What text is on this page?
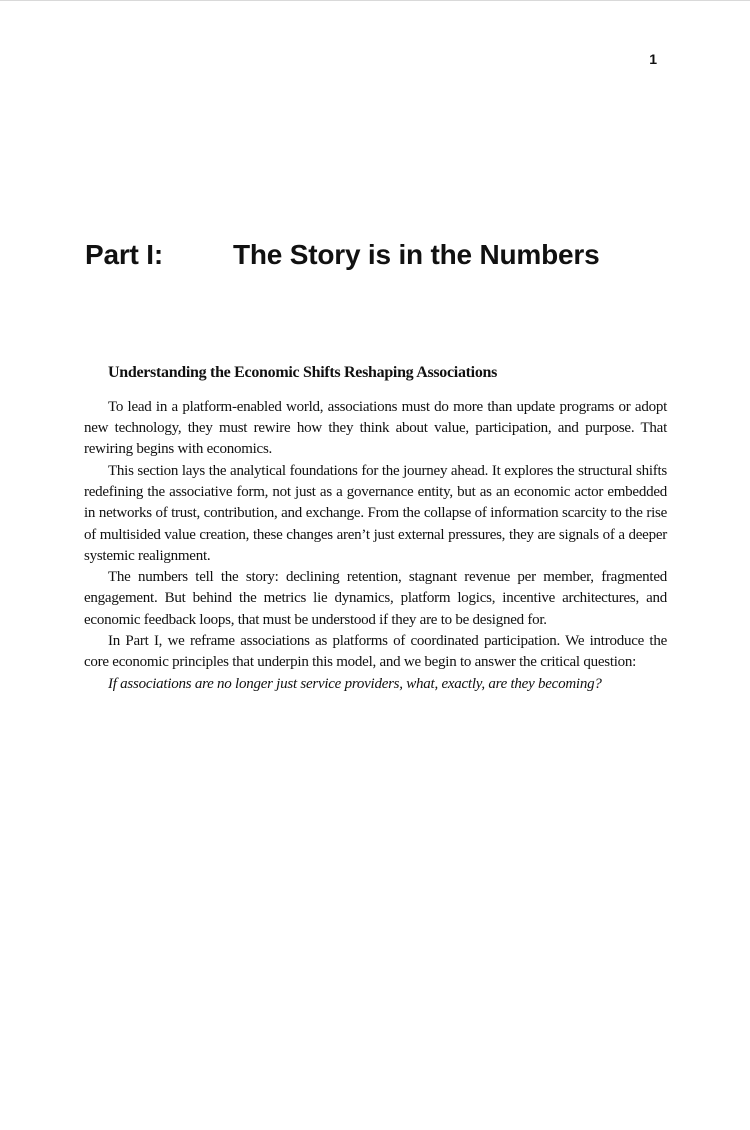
1
Part I:	The Story is in the Numbers
Understanding the Economic Shifts Reshaping Associations

To lead in a platform-enabled world, associations must do more than update programs or adopt new technology, they must rewire how they think about value, participation, and purpose. That rewiring begins with economics.

This section lays the analytical foundations for the journey ahead. It explores the structural shifts redefining the associative form, not just as a governance entity, but as an economic actor embedded in networks of trust, contribution, and exchange. From the collapse of information scarcity to the rise of multisided value creation, these changes aren’t just external pressures, they are signals of a deeper systemic realignment.

The numbers tell the story: declining retention, stagnant revenue per member, fragmented engagement. But behind the metrics lie dynamics, platform logics, incentive architectures, and economic feedback loops, that must be understood if they are to be designed for.

In Part I, we reframe associations as platforms of coordinated participation. We introduce the core economic principles that underpin this model, and we begin to answer the critical question:

If associations are no longer just service providers, what, exactly, are they becoming?
